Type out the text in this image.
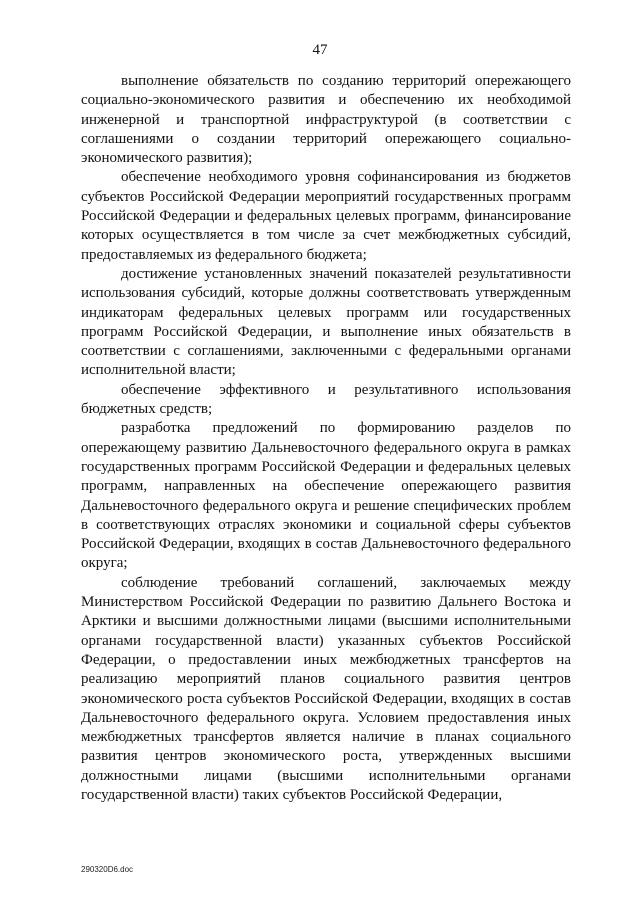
47

выполнение обязательств по созданию территорий опережающего социально-экономического развития и обеспечению их необходимой инженерной и транспортной инфраструктурой (в соответствии с соглашениями о создании территорий опережающего социально-экономического развития);

обеспечение необходимого уровня софинансирования из бюджетов субъектов Российской Федерации мероприятий государственных программ Российской Федерации и федеральных целевых программ, финансирование которых осуществляется в том числе за счет межбюджетных субсидий, предоставляемых из федерального бюджета;

достижение установленных значений показателей результативности использования субсидий, которые должны соответствовать утвержденным индикаторам федеральных целевых программ или государственных программ Российской Федерации, и выполнение иных обязательств в соответствии с соглашениями, заключенными с федеральными органами исполнительной власти;

обеспечение эффективного и результативного использования бюджетных средств;

разработка предложений по формированию разделов по опережающему развитию Дальневосточного федерального округа в рамках государственных программ Российской Федерации и федеральных целевых программ, направленных на обеспечение опережающего развития Дальневосточного федерального округа и решение специфических проблем в соответствующих отраслях экономики и социальной сферы субъектов Российской Федерации, входящих в состав Дальневосточного федерального округа;

соблюдение требований соглашений, заключаемых между Министерством Российской Федерации по развитию Дальнего Востока и Арктики и высшими должностными лицами (высшими исполнительными органами государственной власти) указанных субъектов Российской Федерации, о предоставлении иных межбюджетных трансфертов на реализацию мероприятий планов социального развития центров экономического роста субъектов Российской Федерации, входящих в состав Дальневосточного федерального округа. Условием предоставления иных межбюджетных трансфертов является наличие в планах социального развития центров экономического роста, утвержденных высшими должностными лицами (высшими исполнительными органами государственной власти) таких субъектов Российской Федерации,

290320D6.doc
